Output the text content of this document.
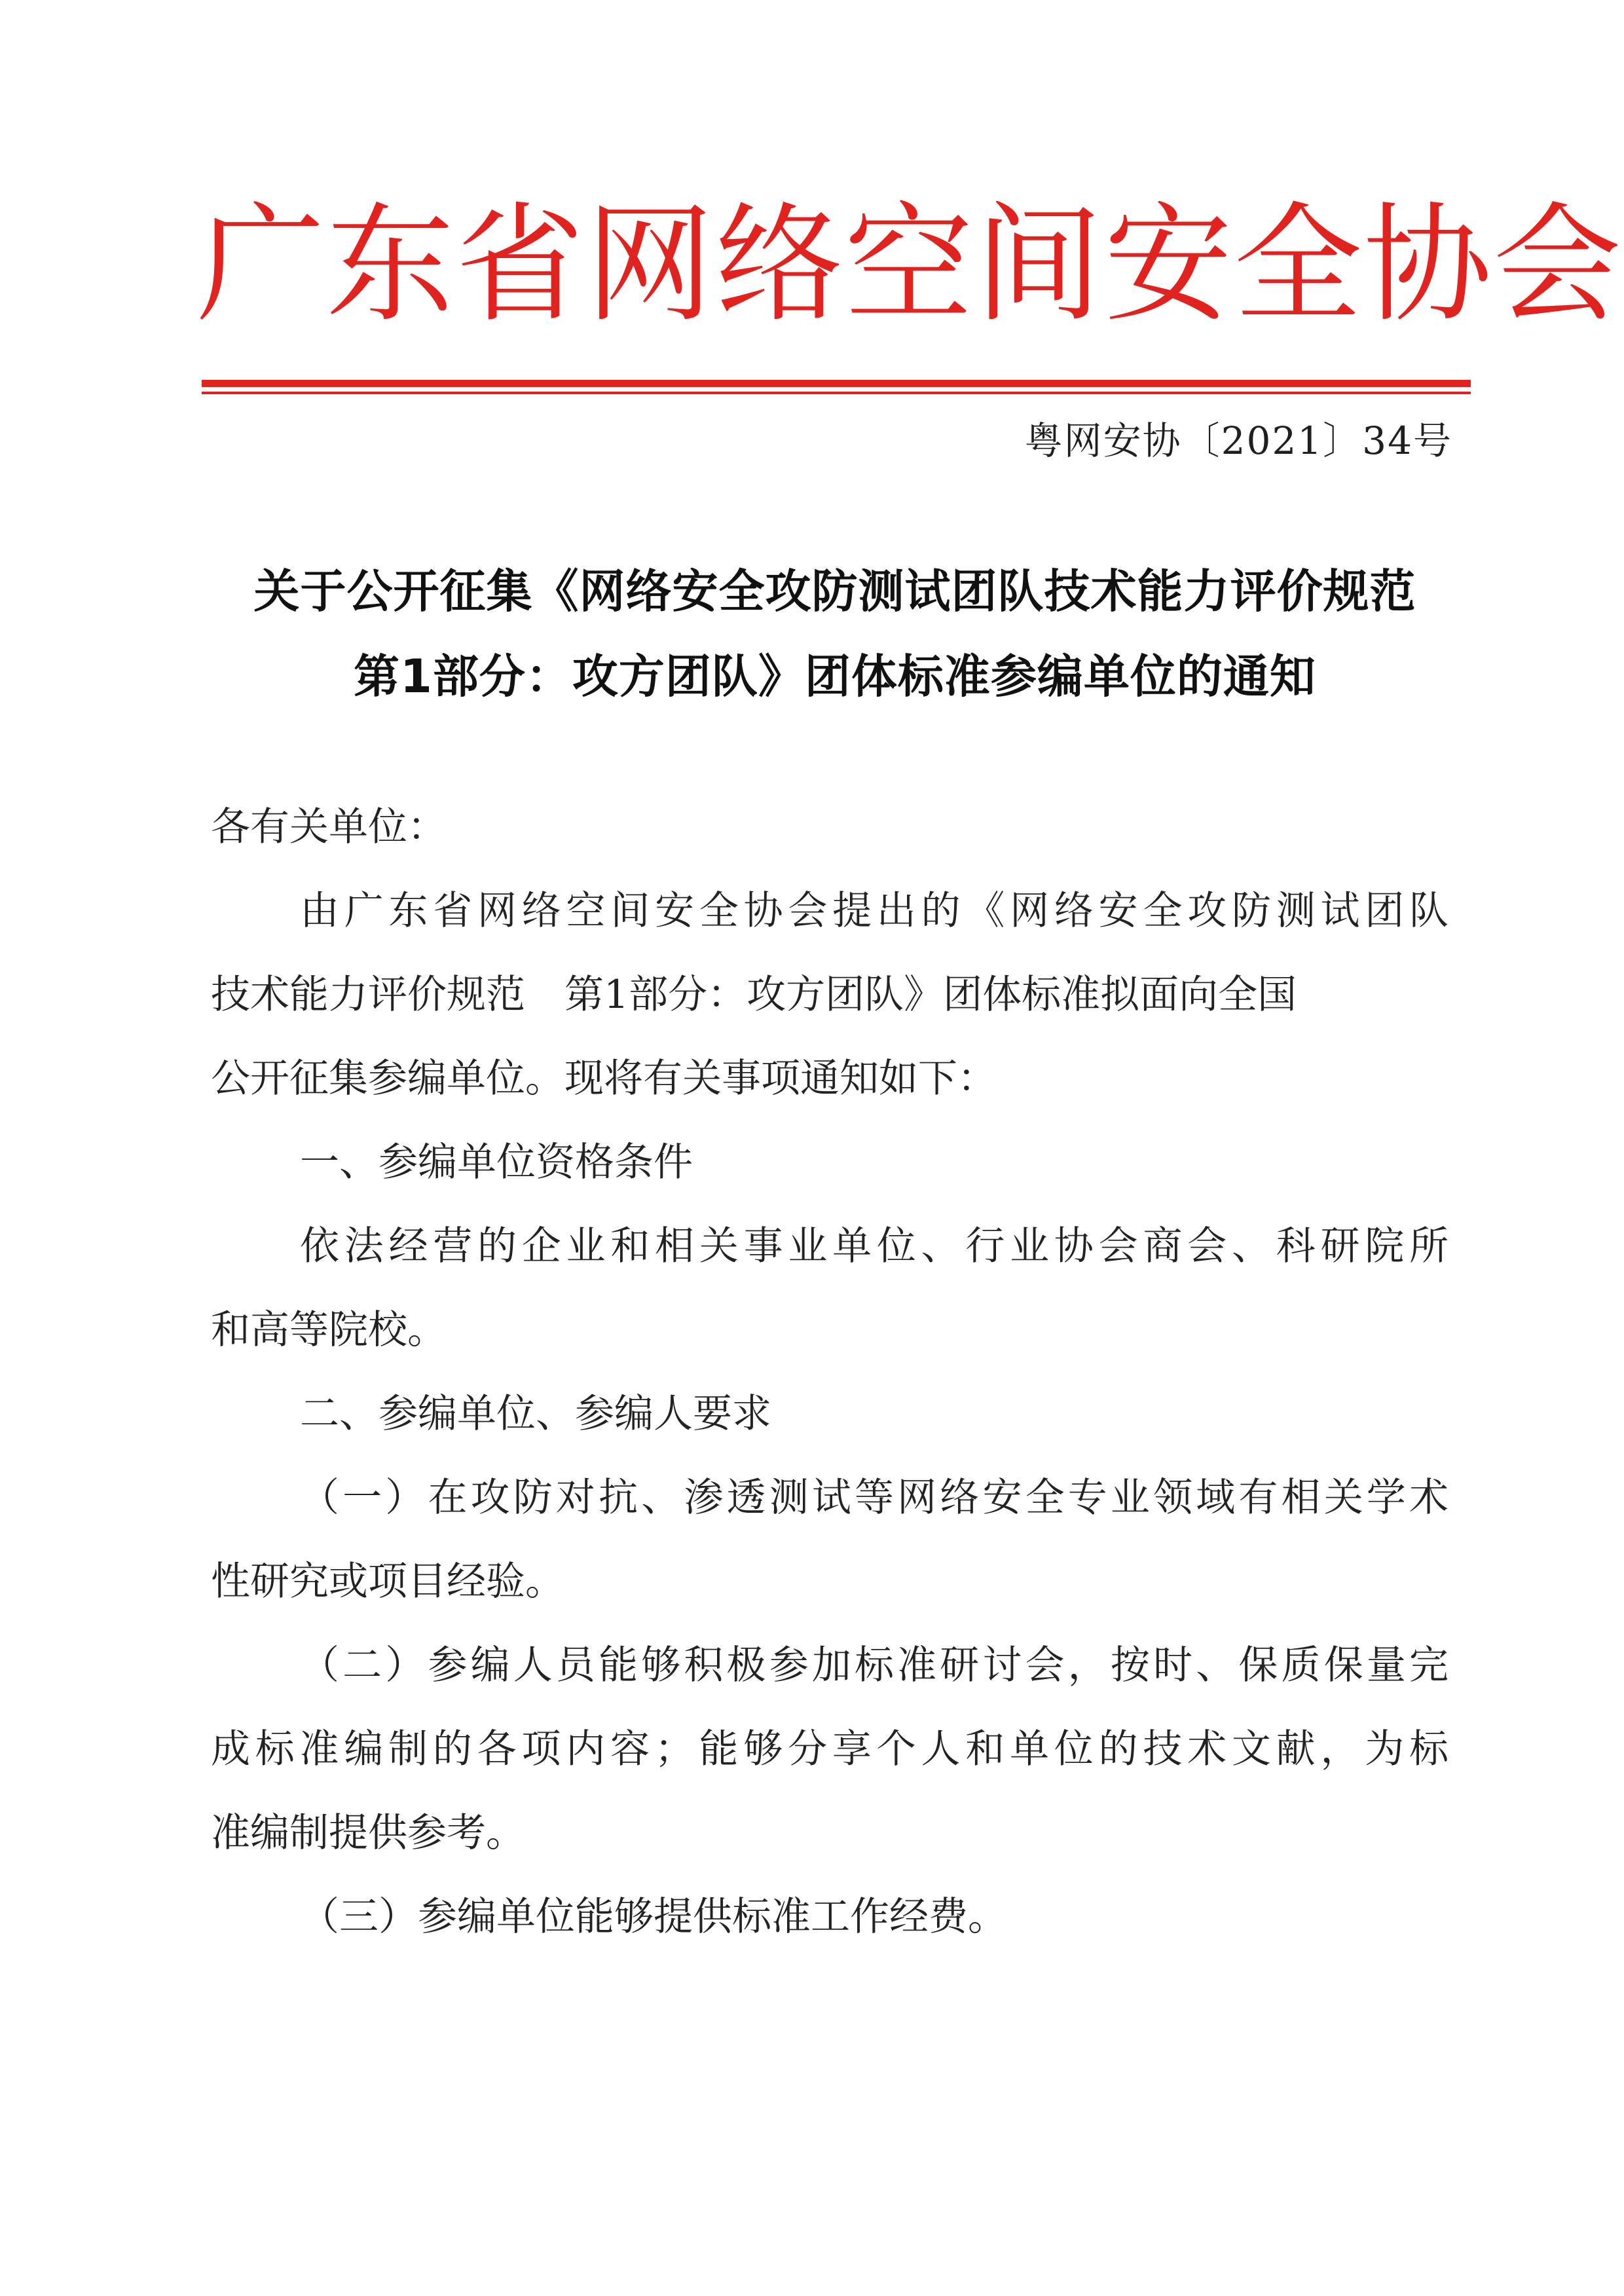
广东省网络空间安全协会
粤网安协〔2021〕34号
关于公开征集《网络安全攻防测试团队技术能力评价规范
第1部分：攻方团队》团体标准参编单位的通知
各有关单位：
由广东省网络空间安全协会提出的《网络安全攻防测试团队
技术能力评价规范 第1部分：攻方团队》团体标准拟面向全国
公开征集参编单位。现将有关事项通知如下：
一、参编单位资格条件
依法经营的企业和相关事业单位、行业协会商会、科研院所
和高等院校。
二、参编单位、参编人要求
（一）在攻防对抗、渗透测试等网络安全专业领域有相关学术
性研究或项目经验。
（二）参编人员能够积极参加标准研讨会，按时、保质保量完
成标准编制的各项内容；能够分享个人和单位的技术文献，为标
准编制提供参考。
（三）参编单位能够提供标准工作经费。
